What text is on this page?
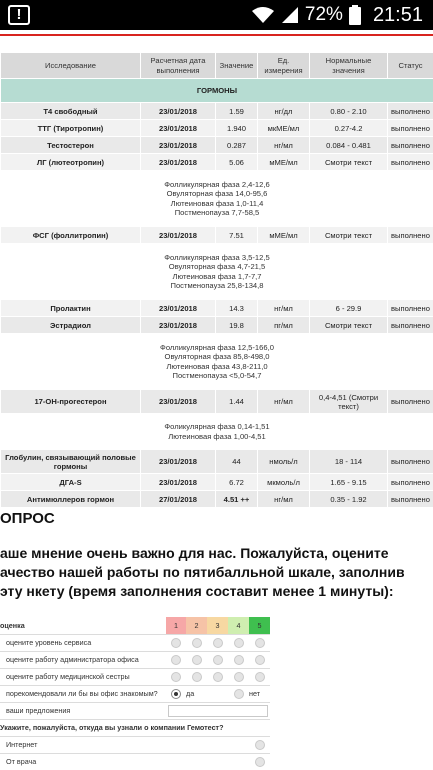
!	72% 21:51
Исследование	Расчетная дата выполнения	Значение	Ед. измерения	Нормальные значения	Статус
ГОРМОНЫ					
Т4 свободный	23/01/2018	1.59	нг/дл	0.80 - 2.10	выполнено
ТТГ (Тиротропин)	23/01/2018	1.940	мкМЕ/мл	0.27-4.2	выполнено
Тестостерон	23/01/2018	0.287	нг/мл	0.084 - 0.481	выполнено
ЛГ (лютеотропин)	23/01/2018	5.06	мМЕ/мл	Смотри текст	выполнено

Фолликулярная фаза 2,4-12,6
Овуляторная фаза 14,0-95,6
Лютеиновая фаза 1,0-11,4
Постменопауза 7,7-58,5					

ФСГ (фоллитропин)	23/01/2018	7.51	мМЕ/мл	Смотри текст	выполнено

Фолликулярная фаза 3,5-12,5
Овуляторная фаза 4,7-21,5
Лютеиновая фаза 1,7-7,7
Постменопауза 25,8-134,8					

Пролактин	23/01/2018	14.3	нг/мл	6 - 29.9	выполнено
Эстрадиол	23/01/2018	19.8	пг/мл	Смотри текст	выполнено

Фолликулярная фаза 12,5-166,0
Овуляторная фаза 85,8-498,0
Лютеиновая фаза 43,8-211,0
Постменопауза <5,0-54,7					

17-ОН-прогестерон	23/01/2018	1.44	нг/мл	0,4-4,51 (Смотри текст)	выполнено

Фоликулярная фаза 0,14-1,51
Лютеиновая фаза 1,00-4,51					

Глобулин, связывающий половые гормоны	23/01/2018	44	нмоль/л	18 - 114	выполнено
ДГА-S	23/01/2018	6.72	мкмоль/л	1.65 - 9.15	выполнено
Антимюллеров гормон	27/01/2018	4.51 ++	нг/мл	0.35 - 1.92	выполнено
ОПРОС
аше мнение очень важно для нас. Пожалуйста, оцените ачество нашей работы по пятибалльной шкале, заполнив эту нкету (время заполнения составит менее 1 минуты):
оценка	1	2	3	4	5
оцените уровень сервиса					
оцените работу администратора офиса					
оцените работу медицинской сестры					
порекомендовали ли бы вы офис знакомым?		да			нет
ваши предложения					
Укажите, пожалуйста, откуда вы узнали о компании Гемотест?					
Интернет					
От врача					
